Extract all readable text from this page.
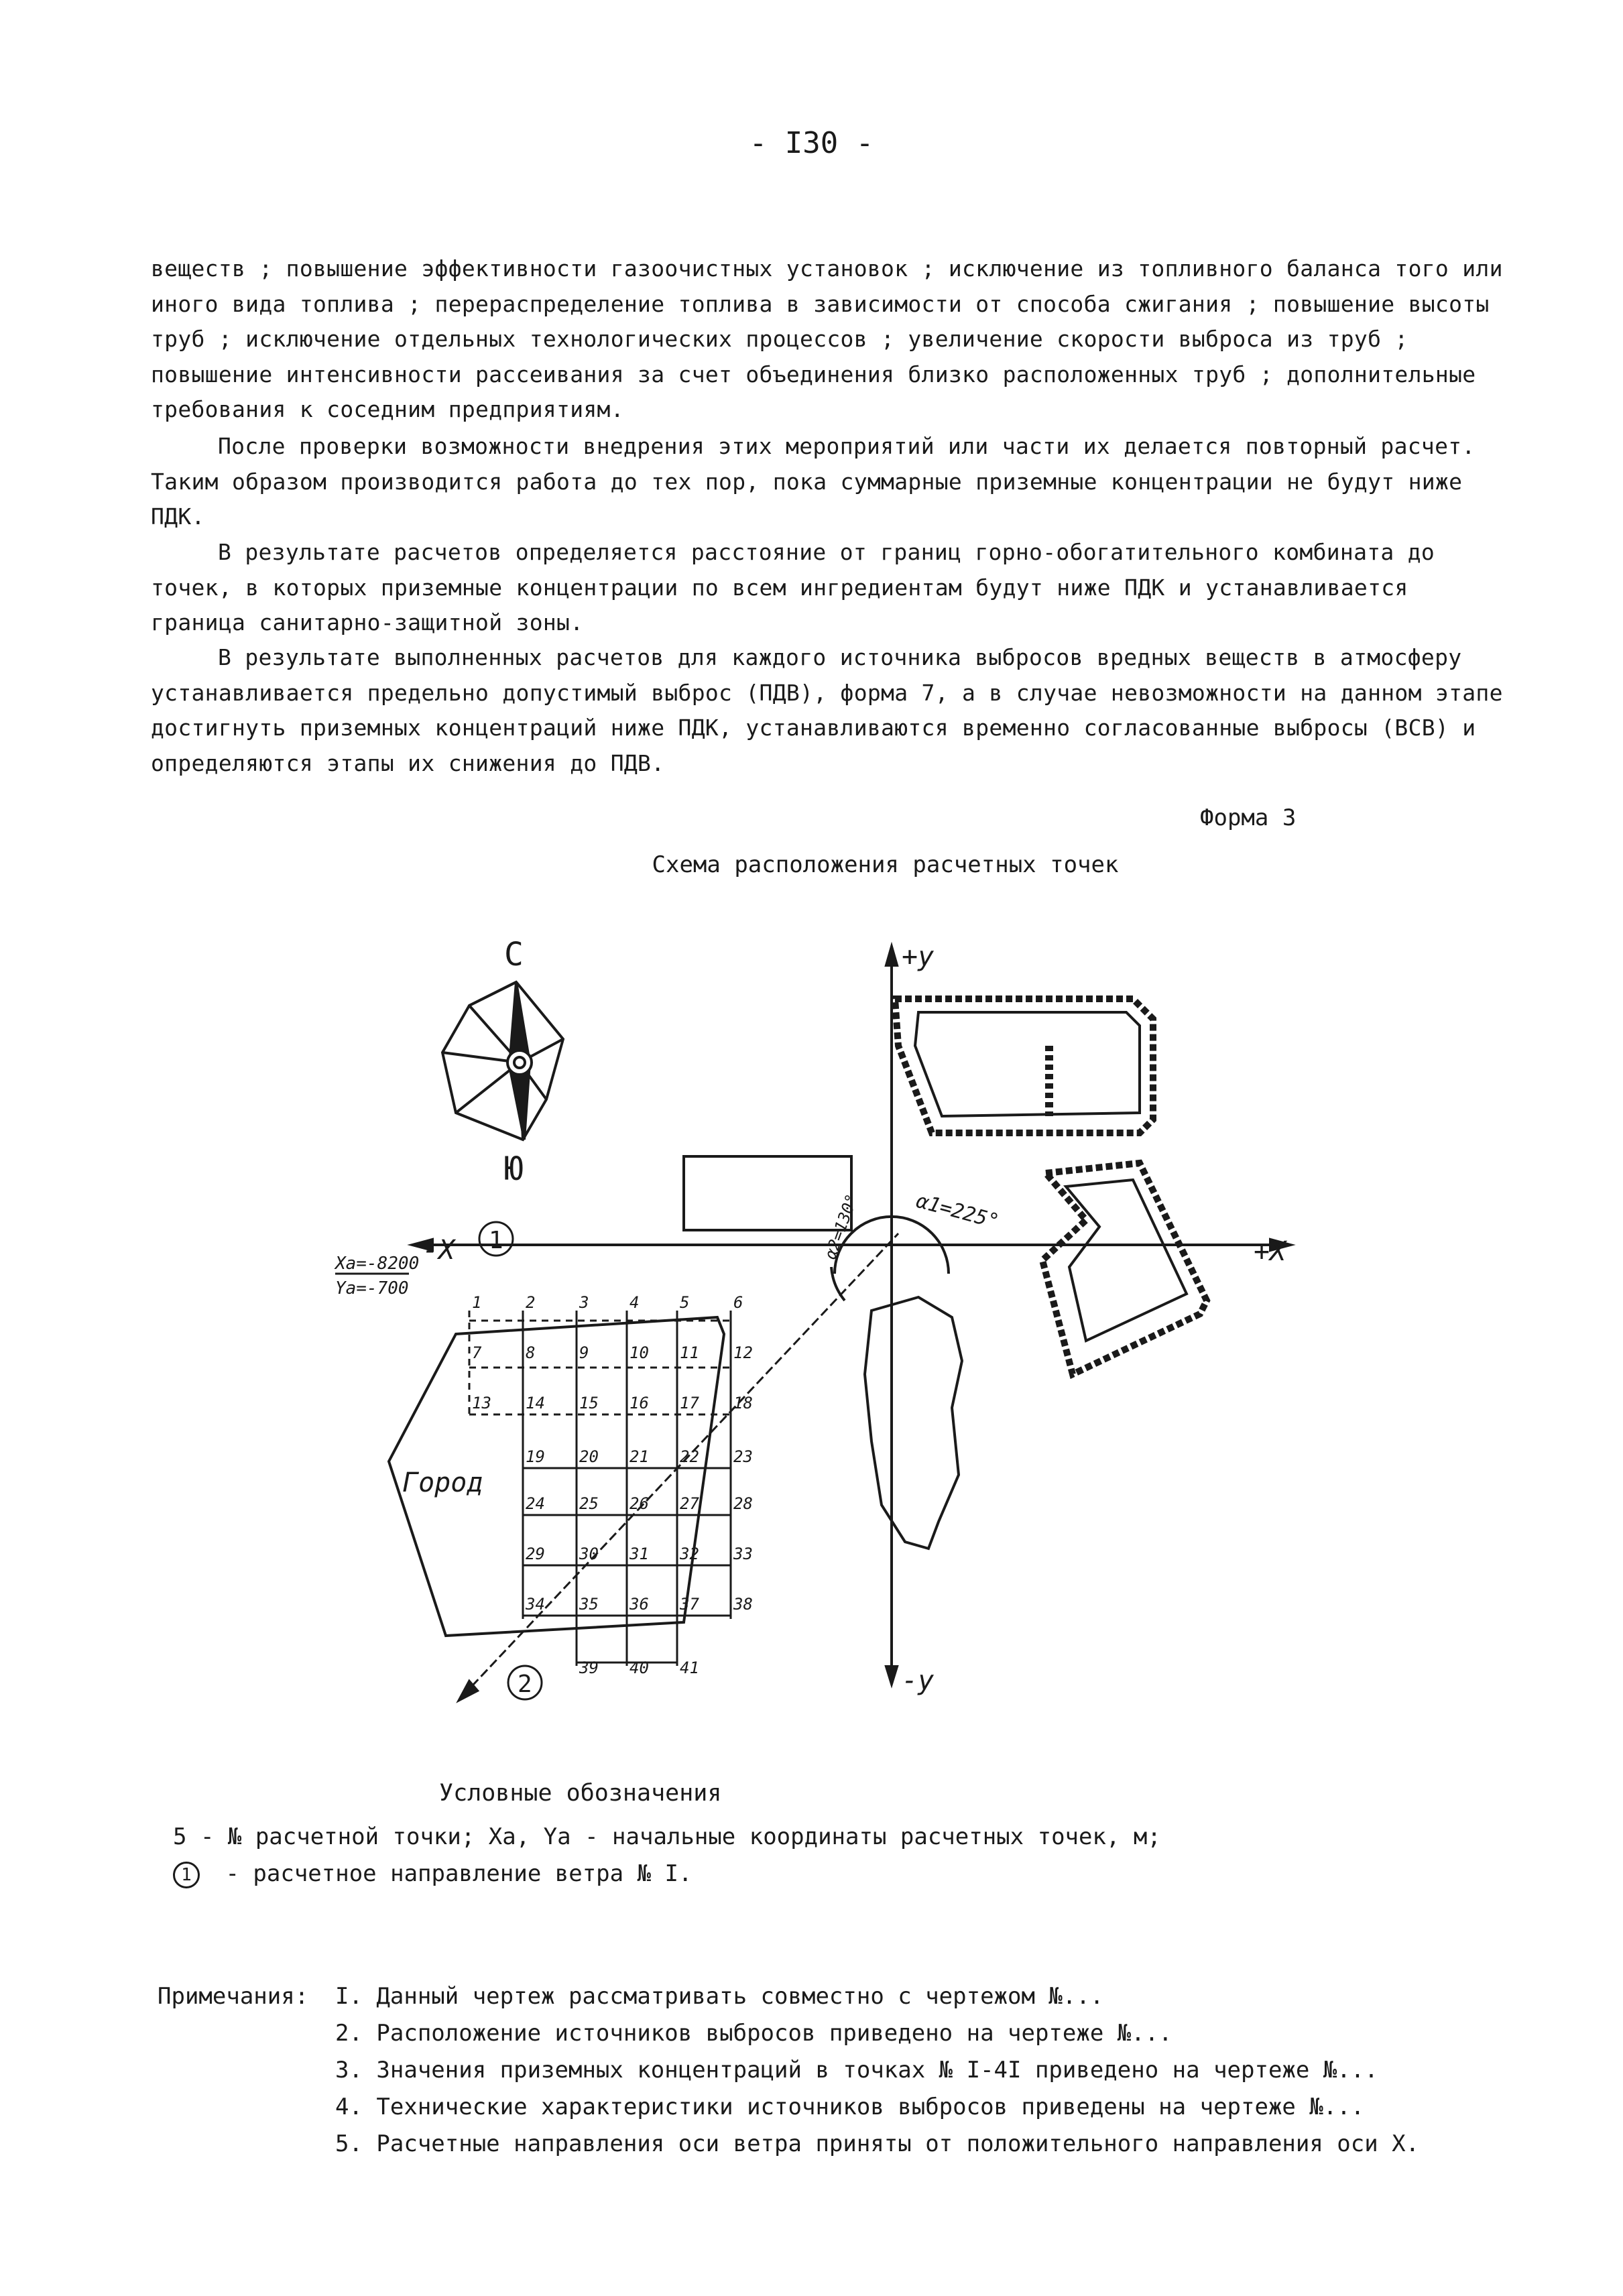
- I30 -
веществ ; повышение эффективности газоочистных установок ; исключение из топливного баланса того или иного вида топлива ; перераспределение топлива в зависимости от способа сжигания ; повышение высоты труб ; исключение отдельных технологических процессов ; увеличение скорости выброса из труб ; повышение интенсивности рассеивания за счет объединения близко расположенных труб ; дополнительные требования к соседним предприятиям.
После проверки возможности внедрения этих мероприятий или части их делается повторный расчет. Таким образом производится работа до тех пор, пока суммарные приземные концентрации не будут ниже ПДК.
В результате расчетов определяется расстояние от границ горно-обогатительного комбината до точек, в которых приземные концентрации по всем ингредиентам будут ниже ПДК и устанавливается граница санитарно-защитной зоны.
В результате выполненных расчетов для каждого источника выбросов вредных веществ в атмосферу устанавливается предельно допустимый выброс (ПДВ), форма 7, а в случае невозможности на данном этапе достигнуть приземных концентраций ниже ПДК, устанавливаются временно согласованные выбросы (ВСВ) и определяются этапы их снижения до ПДВ.
Форма 3
Схема расположения расчетных точек
С
Ю
+y
-y
+X
-X
Xa=-8200
Ya=-700
Город
1
2
α1=225°
α2=130°
1	2	3	4	5	6
7	8	9	10 11 12
13 14 15 16 17 18
19 20 21 22 23
24 25 26 27 28
29 30 31 32 33
34 35 36 37 38
39 40 41
Условные обозначения
5 - № расчетной точки; Xa, Ya - начальные координаты расчетных точек, м;
1 - расчетное направление ветра № I.
Примечания: I. Данный чертеж рассматривать совместно с чертежом №...
2. Расположение источников выбросов приведено на чертеже №...
3. Значения приземных концентраций в точках № I-4I приведено на чертеже №...
4. Технические характеристики источников выбросов приведены на чертеже №...
5. Расчетные направления оси ветра приняты от положительного направления оси X.
